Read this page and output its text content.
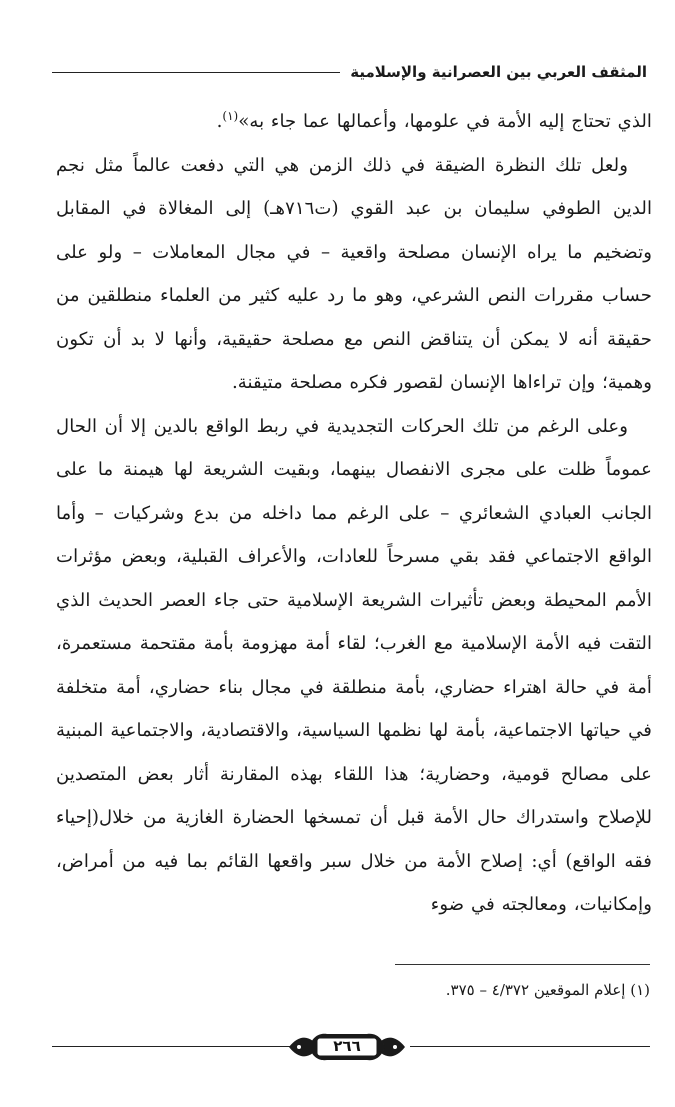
المثقف العربي بين العصرانية والإسلامية

الذي تحتاج إليه الأمة في علومها، وأعمالها عما جاء به»$^{(١)}$.

ولعل تلك النظرة الضيقة في ذلك الزمن هي التي دفعت عالماً مثل نجم الدين الطوفي سليمان بن عبد القوي (ت٧١٦هـ) إلى المغالاة في المقابل وتضخيم ما يراه الإنسان مصلحة واقعية – في مجال المعاملات – ولو على حساب مقررات النص الشرعي، وهو ما رد عليه كثير من العلماء منطلقين من حقيقة أنه لا يمكن أن يتناقض النص مع مصلحة حقيقية، وأنها لا بد أن تكون وهمية؛ وإن تراءاها الإنسان لقصور فكره مصلحة متيقنة.

وعلى الرغم من تلك الحركات التجديدية في ربط الواقع بالدين إلا أن الحال عموماً ظلت على مجرى الانفصال بينهما، وبقيت الشريعة لها هيمنة ما على الجانب العبادي الشعائري – على الرغم مما داخله من بدع وشركيات – وأما الواقع الاجتماعي فقد بقي مسرحاً للعادات، والأعراف القبلية، وبعض مؤثرات الأمم المحيطة وبعض تأثيرات الشريعة الإسلامية حتى جاء العصر الحديث الذي التقت فيه الأمة الإسلامية مع الغرب؛ لقاء أمة مهزومة بأمة مقتحمة مستعمرة، أمة في حالة اهتراء حضاري، بأمة منطلقة في مجال بناء حضاري، أمة متخلفة في حياتها الاجتماعية، بأمة لها نظمها السياسية، والاقتصادية، والاجتماعية المبنية على مصالح قومية، وحضارية؛ هذا اللقاء بهذه المقارنة أثار بعض المتصدين للإصلاح واستدراك حال الأمة قبل أن تمسخها الحضارة الغازية من خلال(إحياء فقه الواقع) أي: إصلاح الأمة من خلال سبر واقعها القائم بما فيه من أمراض، وإمكانيات، ومعالجته في ضوء

(١) إعلام الموقعين ٤/٣٧٢ – ٣٧٥.
٢٦٦
